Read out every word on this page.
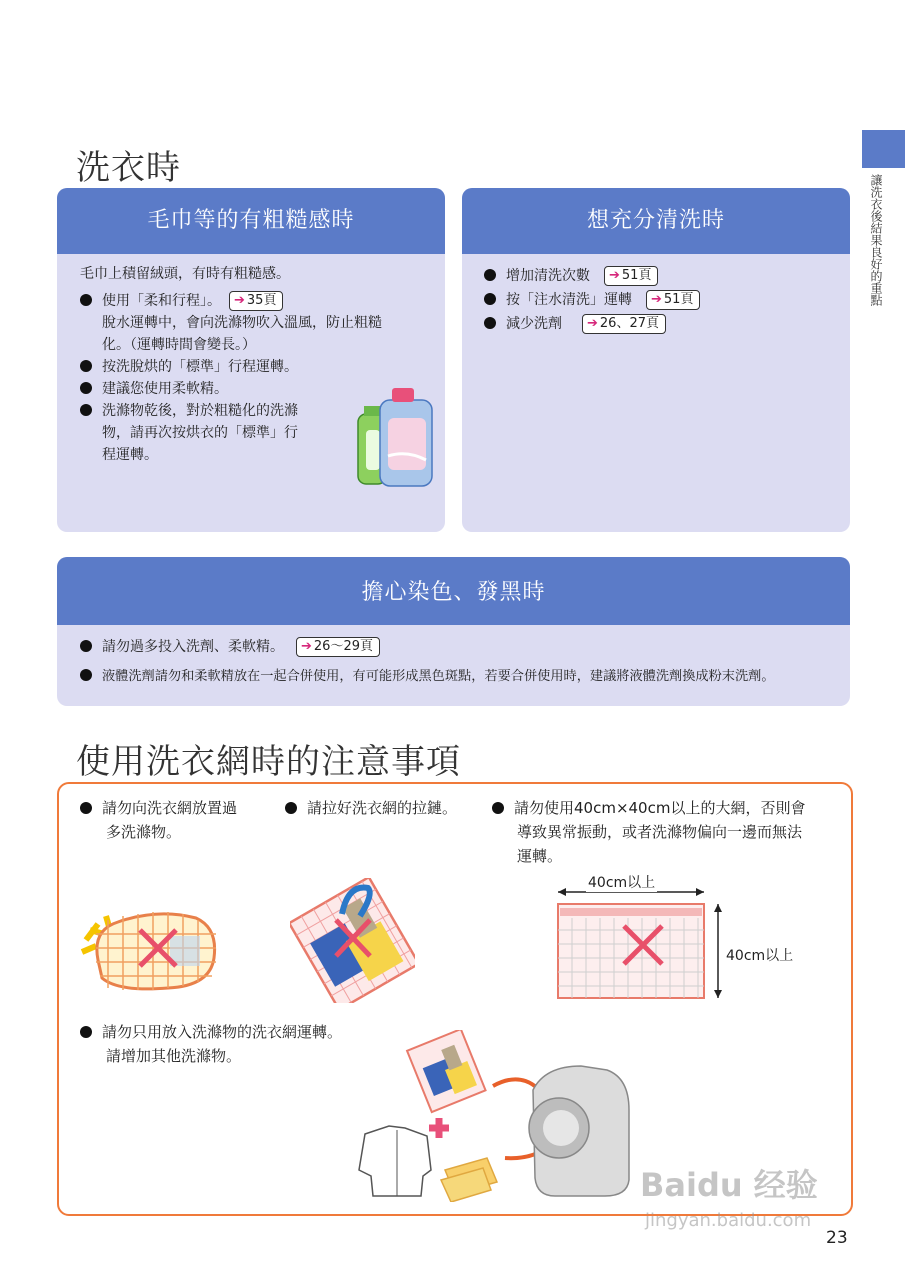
讓洗衣後結果良好的重點
洗衣時
毛巾等的有粗糙感時
毛巾上積留絨頭，有時有粗糙感。
使用「柔和行程」。 ➔ 35頁
脫水運轉中，會向洗滌物吹入溫風，防止粗糙
化。（運轉時間會變長。）
按洗脫烘的「標準」行程運轉。
建議您使用柔軟精。
洗滌物乾後，對於粗糙化的洗滌
物，請再次按烘衣的「標準」行
程運轉。
想充分清洗時
增加清洗次數 ➔ 51頁
按「注水清洗」運轉 ➔ 51頁
減少洗劑 ➔ 26、27頁
擔心染色、發黑時
請勿過多投入洗劑、柔軟精。 ➔ 26〜29頁
液體洗劑請勿和柔軟精放在一起合併使用，有可能形成黑色斑點，若要合併使用時，建議將液體洗劑換成粉末洗劑。
使用洗衣網時的注意事項
請勿向洗衣網放置過
多洗滌物。
請拉好洗衣網的拉鏈。	請勿使用40cm×40cm以上的大網，否則會
導致異常振動，或者洗滌物偏向一邊而無法
運轉。
40cm以上
40cm以上
請勿只用放入洗滌物的洗衣網運轉。
請增加其他洗滌物。
Baidu 经验
jingyan.baidu.com
23
